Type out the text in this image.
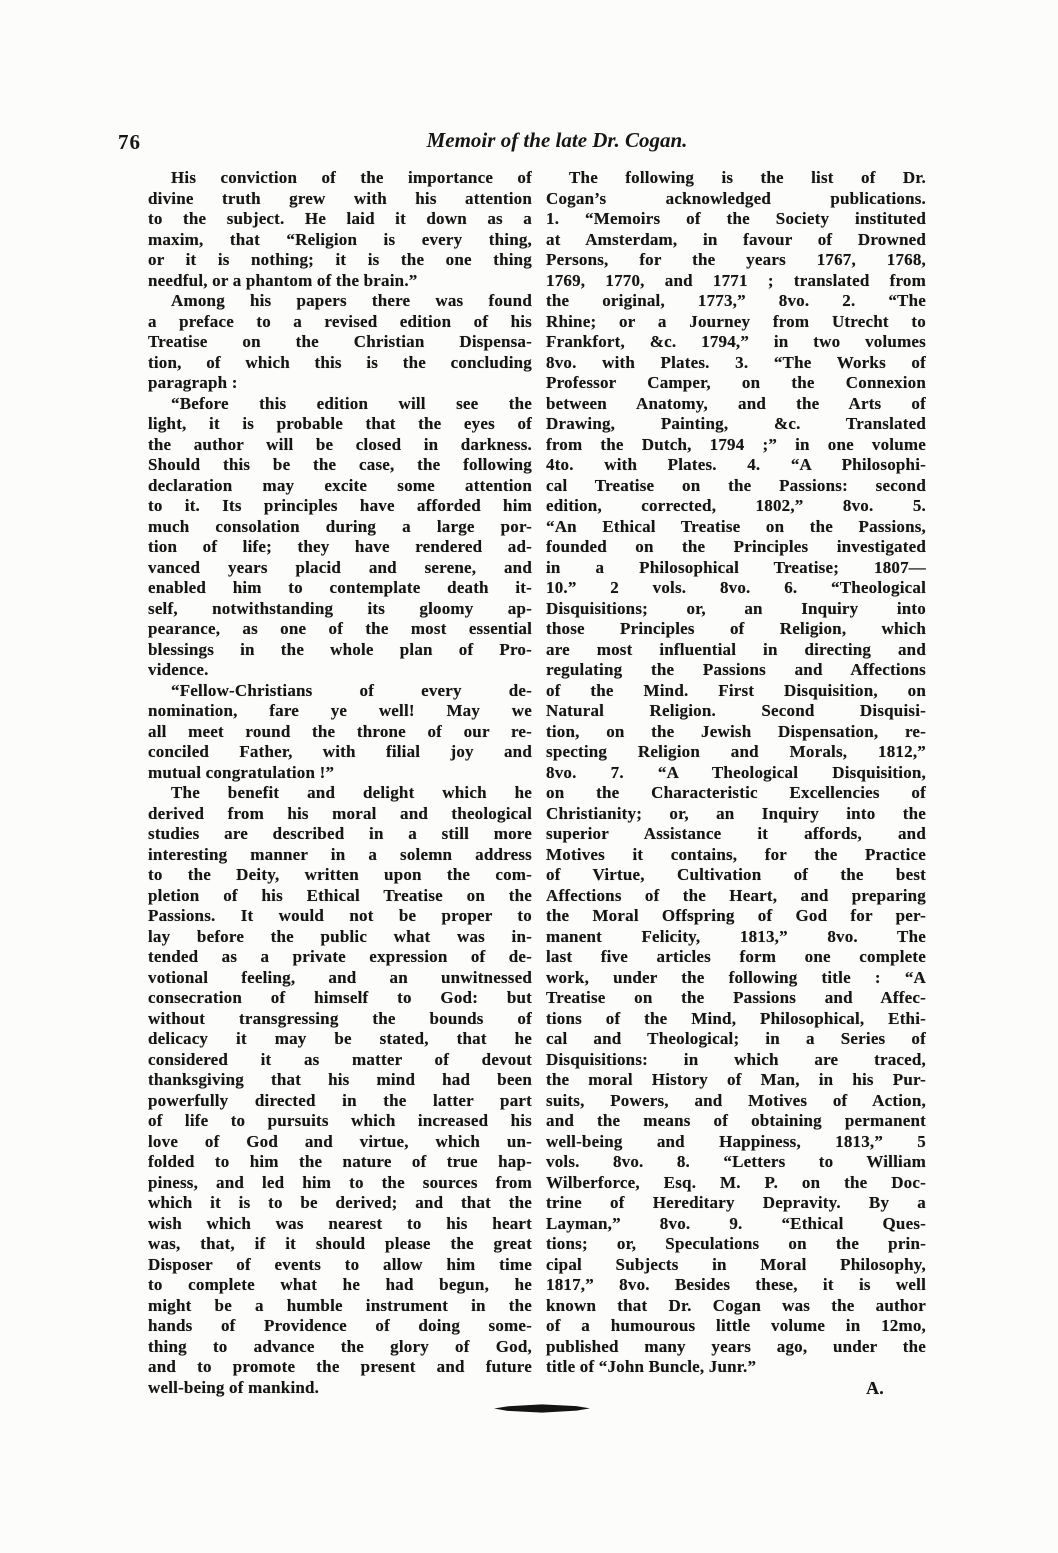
76	Memoir of the late Dr. Cogan.
His conviction of the importance of
divine truth grew with his attention
to the subject. He laid it down as a
maxim, that “Religion is every thing,
or it is nothing; it is the one thing
needful, or a phantom of the brain.”
Among his papers there was found
a preface to a revised edition of his
Treatise on the Christian Dispensa-
tion, of which this is the concluding
paragraph :
“Before this edition will see the
light, it is probable that the eyes of
the author will be closed in darkness.
Should this be the case, the following
declaration may excite some attention
to it. Its principles have afforded him
much consolation during a large por-
tion of life; they have rendered ad-
vanced years placid and serene, and
enabled him to contemplate death it-
self, notwithstanding its gloomy ap-
pearance, as one of the most essential
blessings in the whole plan of Pro-
vidence.
“Fellow-Christians of every de-
nomination, fare ye well! May we
all meet round the throne of our re-
conciled Father, with filial joy and
mutual congratulation !”
The benefit and delight which he
derived from his moral and theological
studies are described in a still more
interesting manner in a solemn address
to the Deity, written upon the com-
pletion of his Ethical Treatise on the
Passions. It would not be proper to
lay before the public what was in-
tended as a private expression of de-
votional feeling, and an unwitnessed
consecration of himself to God: but
without transgressing the bounds of
delicacy it may be stated, that he
considered it as matter of devout
thanksgiving that his mind had been
powerfully directed in the latter part
of life to pursuits which increased his
love of God and virtue, which un-
folded to him the nature of true hap-
piness, and led him to the sources from
which it is to be derived; and that the
wish which was nearest to his heart
was, that, if it should please the great
Disposer of events to allow him time
to complete what he had begun, he
might be a humble instrument in the
hands of Providence of doing some-
thing to advance the glory of God,
and to promote the present and future
well-being of mankind.
The following is the list of Dr.
Cogan’s acknowledged publications.
1. “Memoirs of the Society instituted
at Amsterdam, in favour of Drowned
Persons, for the years 1767, 1768,
1769, 1770, and 1771 ; translated from
the original, 1773,” 8vo. 2. “The
Rhine; or a Journey from Utrecht to
Frankfort, &c. 1794,” in two volumes
8vo. with Plates. 3. “The Works of
Professor Camper, on the Connexion
between Anatomy, and the Arts of
Drawing, Painting, &c. Translated
from the Dutch, 1794 ;” in one volume
4to. with Plates. 4. “A Philosophi-
cal Treatise on the Passions: second
edition, corrected, 1802,” 8vo. 5.
“An Ethical Treatise on the Passions,
founded on the Principles investigated
in a Philosophical Treatise; 1807—
10.” 2 vols. 8vo. 6. “Theological
Disquisitions; or, an Inquiry into
those Principles of Religion, which
are most influential in directing and
regulating the Passions and Affections
of the Mind. First Disquisition, on
Natural Religion. Second Disquisi-
tion, on the Jewish Dispensation, re-
specting Religion and Morals, 1812,”
8vo. 7. “A Theological Disquisition,
on the Characteristic Excellencies of
Christianity; or, an Inquiry into the
superior Assistance it affords, and
Motives it contains, for the Practice
of Virtue, Cultivation of the best
Affections of the Heart, and preparing
the Moral Offspring of God for per-
manent Felicity, 1813,” 8vo. The
last five articles form one complete
work, under the following title : “A
Treatise on the Passions and Affec-
tions of the Mind, Philosophical, Ethi-
cal and Theological; in a Series of
Disquisitions: in which are traced,
the moral History of Man, in his Pur-
suits, Powers, and Motives of Action,
and the means of obtaining permanent
well-being and Happiness, 1813,” 5
vols. 8vo. 8. “Letters to William
Wilberforce, Esq. M. P. on the Doc-
trine of Hereditary Depravity. By a
Layman,” 8vo. 9. “Ethical Ques-
tions; or, Speculations on the prin-
cipal Subjects in Moral Philosophy,
1817,” 8vo. Besides these, it is well
known that Dr. Cogan was the author
of a humourous little volume in 12mo,
published many years ago, under the
title of “John Buncle, Junr.”
A.
